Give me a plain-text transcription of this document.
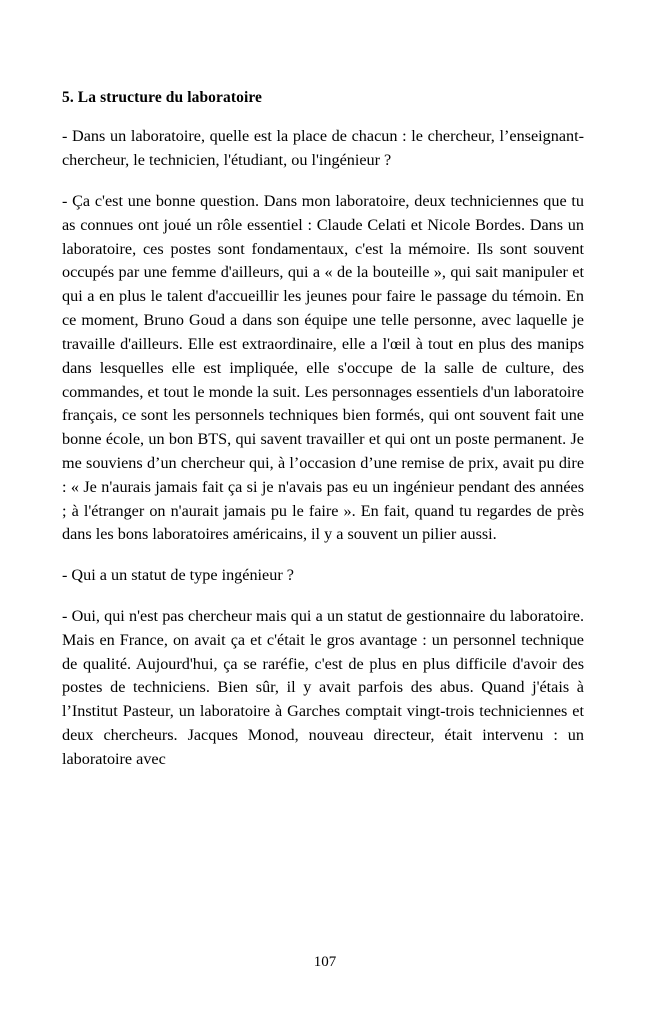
5. La structure du laboratoire

- Dans un laboratoire, quelle est la place de chacun : le chercheur, l’enseignant-chercheur, le technicien, l'étudiant, ou l'ingénieur ?

- Ça c'est une bonne question. Dans mon laboratoire, deux techniciennes que tu as connues ont joué un rôle essentiel : Claude Celati et Nicole Bordes. Dans un laboratoire, ces postes sont fondamentaux, c'est la mémoire. Ils sont souvent occupés par une femme d'ailleurs, qui a « de la bouteille », qui sait manipuler et qui a en plus le talent d'accueillir les jeunes pour faire le passage du témoin. En ce moment, Bruno Goud a dans son équipe une telle personne, avec laquelle je travaille d'ailleurs. Elle est extraordinaire, elle a l'œil à tout en plus des manips dans lesquelles elle est impliquée, elle s'occupe de la salle de culture, des commandes, et tout le monde la suit. Les personnages essentiels d'un laboratoire français, ce sont les personnels techniques bien formés, qui ont souvent fait une bonne école, un bon BTS, qui savent travailler et qui ont un poste permanent. Je me souviens d’un chercheur qui, à l’occasion d’une remise de prix, avait pu dire : « Je n'aurais jamais fait ça si je n'avais pas eu un ingénieur pendant des années ; à l'étranger on n'aurait jamais pu le faire ». En fait, quand tu regardes de près dans les bons laboratoires américains, il y a souvent un pilier aussi.

- Qui a un statut de type ingénieur ?

- Oui, qui n'est pas chercheur mais qui a un statut de gestionnaire du laboratoire. Mais en France, on avait ça et c'était le gros avantage : un personnel technique de qualité. Aujourd'hui, ça se raréfie, c'est de plus en plus difficile d'avoir des postes de techniciens. Bien sûr, il y avait parfois des abus. Quand j'étais à l’Institut Pasteur, un laboratoire à Garches comptait vingt-trois techniciennes et deux chercheurs. Jacques Monod, nouveau directeur, était intervenu : un laboratoire avec

107
